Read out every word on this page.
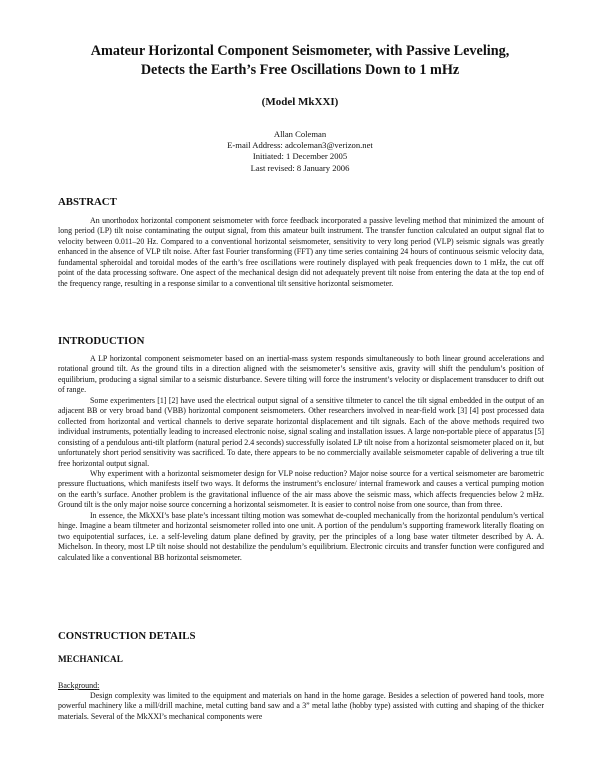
Amateur Horizontal Component Seismometer, with Passive Leveling,
Detects the Earth’s Free Oscillations Down to 1 mHz
(Model MkXXI)
Allan Coleman
E-mail Address: adcoleman3@verizon.net
Initiated: 1 December 2005
Last revised: 8 January 2006
ABSTRACT

An unorthodox horizontal component seismometer with force feedback incorporated a passive leveling method that minimized the amount of long period (LP) tilt noise contaminating the output signal, from this amateur built instrument. The transfer function calculated an output signal flat to velocity between 0.011–20 Hz. Compared to a conventional horizontal seismometer, sensitivity to very long period (VLP) seismic signals was greatly enhanced in the absence of VLP tilt noise. After fast Fourier transforming (FFT) any time series containing 24 hours of continuous seismic velocity data, fundamental spheroidal and toroidal modes of the earth’s free oscillations were routinely displayed with peak frequencies down to 1 mHz, the cut off point of the data processing software. One aspect of the mechanical design did not adequately prevent tilt noise from entering the data at the top end of the frequency range, resulting in a response similar to a conventional tilt sensitive horizontal seismometer.

INTRODUCTION

A LP horizontal component seismometer based on an inertial-mass system responds simultaneously to both linear ground accelerations and rotational ground tilt. As the ground tilts in a direction aligned with the seismometer’s sensitive axis, gravity will shift the pendulum’s position of equilibrium, producing a signal similar to a seismic disturbance. Severe tilting will force the instrument’s velocity or displacement transducer to drift out of range.

Some experimenters [1] [2] have used the electrical output signal of a sensitive tiltmeter to cancel the tilt signal embedded in the output of an adjacent BB or very broad band (VBB) horizontal component seismometers. Other researchers involved in near-field work [3] [4] post processed data collected from horizontal and vertical channels to derive separate horizontal displacement and tilt signals. Each of the above methods required two individual instruments, potentially leading to increased electronic noise, signal scaling and installation issues. A large non-portable piece of apparatus [5] consisting of a pendulous anti-tilt platform (natural period 2.4 seconds) successfully isolated LP tilt noise from a horizontal seismometer placed on it, but unfortunately short period sensitivity was sacrificed. To date, there appears to be no commercially available seismometer capable of delivering a true tilt free horizontal output signal.

Why experiment with a horizontal seismometer design for VLP noise reduction? Major noise source for a vertical seismometer are barometric pressure fluctuations, which manifests itself two ways. It deforms the instrument’s enclosure/ internal framework and causes a vertical pumping motion on the earth’s surface. Another problem is the gravitational influence of the air mass above the seismic mass, which affects frequencies below 2 mHz. Ground tilt is the only major noise source concerning a horizontal seismometer. It is easier to control noise from one source, than from three.

In essence, the MkXXI’s base plate’s incessant tilting motion was somewhat de-coupled mechanically from the horizontal pendulum’s vertical hinge. Imagine a beam tiltmeter and horizontal seismometer rolled into one unit. A portion of the pendulum’s supporting framework literally floating on two equipotential surfaces, i.e. a self-leveling datum plane defined by gravity, per the principles of a long base water tiltmeter described by A. A. Michelson. In theory, most LP tilt noise should not destabilize the pendulum’s equilibrium. Electronic circuits and transfer function were configured and calculated like a conventional BB horizontal seismometer.

CONSTRUCTION DETAILS
MECHANICAL
Background:

Design complexity was limited to the equipment and materials on hand in the home garage. Besides a selection of powered hand tools, more powerful machinery like a mill/drill machine, metal cutting band saw and a 3” metal lathe (hobby type) assisted with cutting and shaping of the thicker materials. Several of the MkXXI’s mechanical components were
